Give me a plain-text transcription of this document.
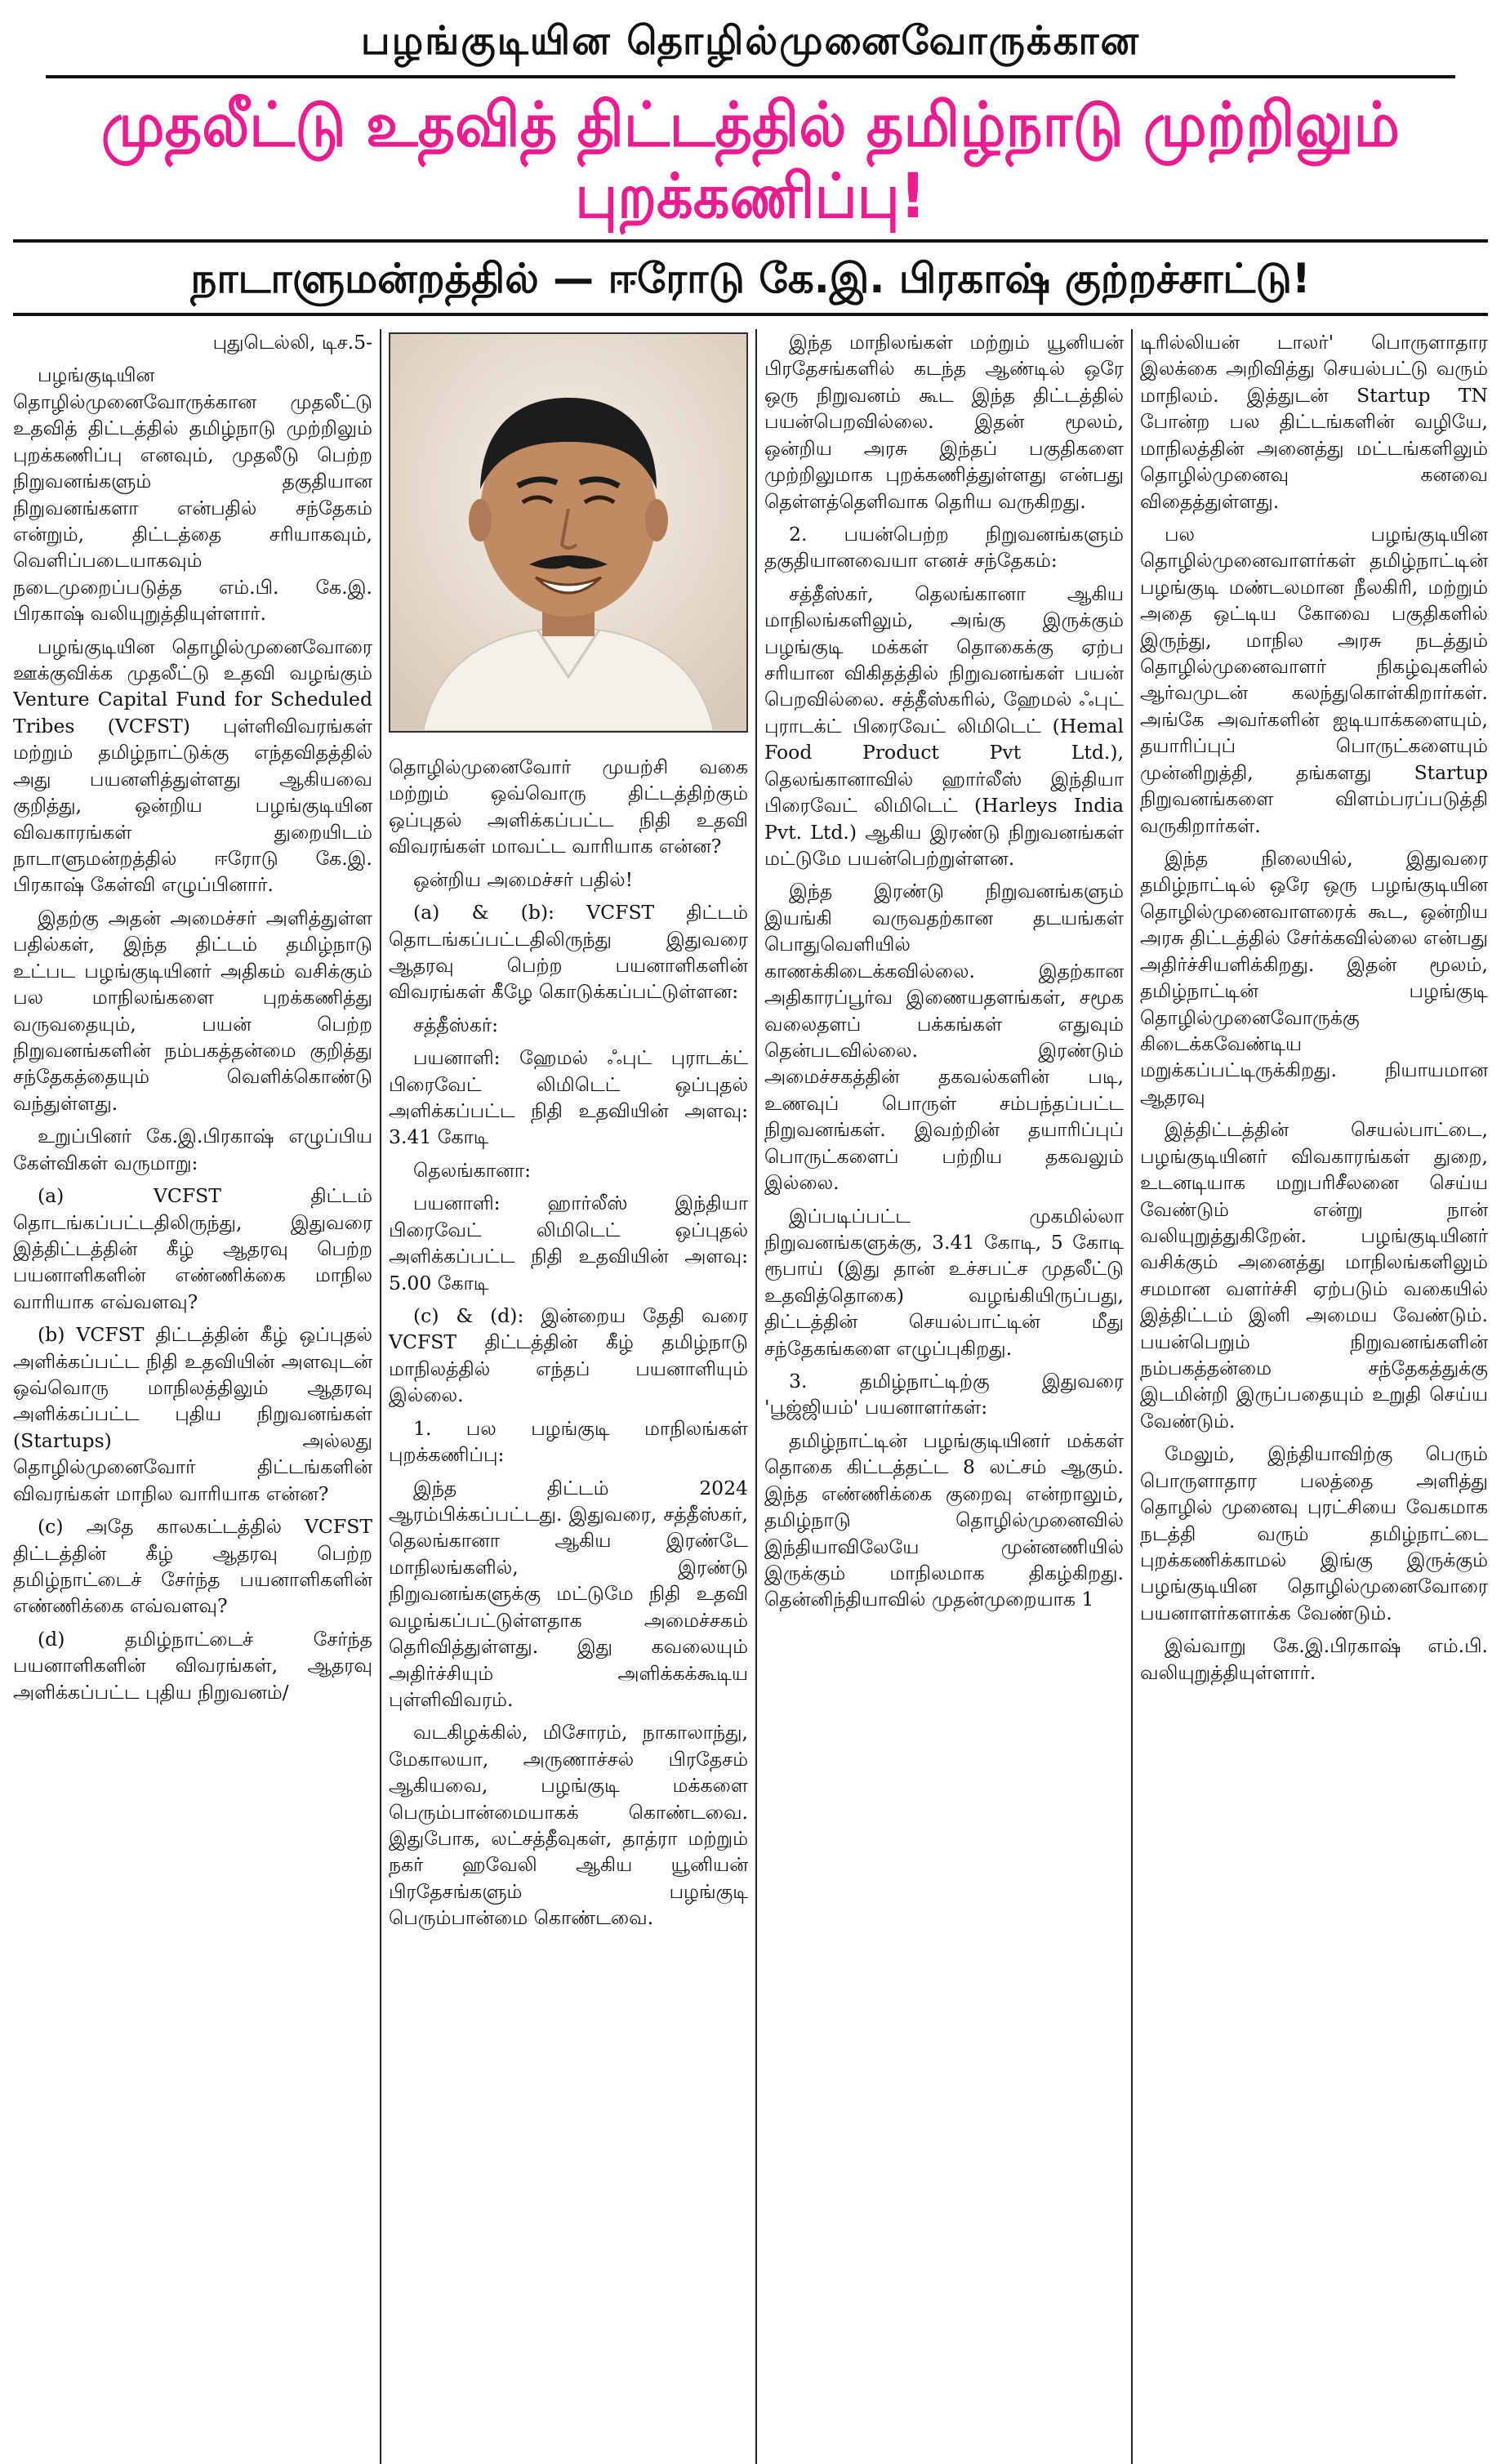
பழங்குடியின தொழில்முனைவோருக்கான
முதலீட்டு உதவித் திட்டத்தில் தமிழ்நாடு முற்றிலும் புறக்கணிப்பு!
நாடாளுமன்றத்தில் — ஈரோடு கே.இ. பிரகாஷ் குற்றச்சாட்டு!

புதுடெல்லி, டிச.5-

பழங்குடியின தொழில்முனைவோருக்கான முதலீட்டு உதவித் திட்டத்தில் தமிழ்நாடு முற்றிலும் புறக்கணிப்பு எனவும், முதலீடு பெற்ற நிறுவனங்களும் தகுதியான நிறுவனங்களா என்பதில் சந்தேகம் என்றும், திட்டத்தை சரியாகவும், வெளிப்படையாகவும் நடைமுறைப்படுத்த எம்.பி. கே.இ. பிரகாஷ் வலியுறுத்தியுள்ளார்.

பழங்குடியின தொழில்முனைவோரை ஊக்குவிக்க முதலீட்டு உதவி வழங்கும் Venture Capital Fund for Scheduled Tribes (VCFST) புள்ளிவிவரங்கள் மற்றும் தமிழ்நாட்டுக்கு எந்தவிதத்தில் அது பயனளித்துள்ளது ஆகியவை குறித்து, ஒன்றிய பழங்குடியின விவகாரங்கள் துறையிடம் நாடாளுமன்றத்தில் ஈரோடு கே.இ. பிரகாஷ் கேள்வி எழுப்பினார்.

இதற்கு அதன் அமைச்சர் அளித்துள்ள பதில்கள், இந்த திட்டம் தமிழ்நாடு உட்பட பழங்குடியினர் அதிகம் வசிக்கும் பல மாநிலங்களை புறக்கணித்து வருவதையும், பயன் பெற்ற நிறுவனங்களின் நம்பகத்தன்மை குறித்து சந்தேகத்தையும் வெளிக்கொண்டு வந்துள்ளது.

உறுப்பினர் கே.இ.பிரகாஷ் எழுப்பிய கேள்விகள் வருமாறு:

(a) VCFST திட்டம் தொடங்கப்பட்டதிலிருந்து, இதுவரை இத்திட்டத்தின் கீழ் ஆதரவு பெற்ற பயனாளிகளின் எண்ணிக்கை மாநில வாரியாக எவ்வளவு?

(b) VCFST திட்டத்தின் கீழ் ஒப்புதல் அளிக்கப்பட்ட நிதி உதவியின் அளவுடன் ஒவ்வொரு மாநிலத்திலும் ஆதரவு அளிக்கப்பட்ட புதிய நிறுவனங்கள் (Startups) அல்லது தொழில்முனைவோர் திட்டங்களின் விவரங்கள் மாநில வாரியாக என்ன?

(c) அதே காலகட்டத்தில் VCFST திட்டத்தின் கீழ் ஆதரவு பெற்ற தமிழ்நாட்டைச் சேர்ந்த பயனாளிகளின் எண்ணிக்கை எவ்வளவு?

(d) தமிழ்நாட்டைச் சேர்ந்த பயனாளிகளின் விவரங்கள், ஆதரவு அளிக்கப்பட்ட புதிய நிறுவனம்/

தொழில்முனைவோர் முயற்சி வகை மற்றும் ஒவ்வொரு திட்டத்திற்கும் ஒப்புதல் அளிக்கப்பட்ட நிதி உதவி விவரங்கள் மாவட்ட வாரியாக என்ன?

ஒன்றிய அமைச்சர் பதில்!

(a) & (b): VCFST திட்டம் தொடங்கப்பட்டதிலிருந்து இதுவரை ஆதரவு பெற்ற பயனாளிகளின் விவரங்கள் கீழே கொடுக்கப்பட்டுள்ளன:

சத்தீஸ்கர்:

பயனாளி: ஹேமல் ஃபுட் புராடக்ட் பிரைவேட் லிமிடெட் ஒப்புதல் அளிக்கப்பட்ட நிதி உதவியின் அளவு: 3.41 கோடி

தெலங்கானா:

பயனாளி: ஹார்லீஸ் இந்தியா பிரைவேட் லிமிடெட் ஒப்புதல் அளிக்கப்பட்ட நிதி உதவியின் அளவு: 5.00 கோடி

(c) & (d): இன்றைய தேதி வரை VCFST திட்டத்தின் கீழ் தமிழ்நாடு மாநிலத்தில் எந்தப் பயனாளியும் இல்லை.

1. பல பழங்குடி மாநிலங்கள் புறக்கணிப்பு:

இந்த திட்டம் 2024 ஆரம்பிக்கப்பட்டது. இதுவரை, சத்தீஸ்கர், தெலங்கானா ஆகிய இரண்டே மாநிலங்களில், இரண்டு நிறுவனங்களுக்கு மட்டுமே நிதி உதவி வழங்கப்பட்டுள்ளதாக அமைச்சகம் தெரிவித்துள்ளது. இது கவலையும் அதிர்ச்சியும் அளிக்கக்கூடிய புள்ளிவிவரம்.

வடகிழக்கில், மிசோரம், நாகாலாந்து, மேகாலயா, அருணாச்சல் பிரதேசம் ஆகியவை, பழங்குடி மக்களை பெரும்பான்மையாகக் கொண்டவை. இதுபோக, லட்சத்தீவுகள், தாத்ரா மற்றும் நகர் ஹவேலி ஆகிய யூனியன் பிரதேசங்களும் பழங்குடி பெரும்பான்மை கொண்டவை.

இந்த மாநிலங்கள் மற்றும் யூனியன் பிரதேசங்களில் கடந்த ஆண்டில் ஒரே ஒரு நிறுவனம் கூட இந்த திட்டத்தில் பயன்பெறவில்லை. இதன் மூலம், ஒன்றிய அரசு இந்தப் பகுதிகளை முற்றிலுமாக புறக்கணித்துள்ளது என்பது தெள்ளத்தெளிவாக தெரிய வருகிறது.

2. பயன்பெற்ற நிறுவனங்களும் தகுதியானவையா எனச் சந்தேகம்:

சத்தீஸ்கர், தெலங்கானா ஆகிய மாநிலங்களிலும், அங்கு இருக்கும் பழங்குடி மக்கள் தொகைக்கு ஏற்ப சரியான விகிதத்தில் நிறுவனங்கள் பயன் பெறவில்லை. சத்தீஸ்கரில், ஹேமல் ஃபுட் புராடக்ட் பிரைவேட் லிமிடெட் (Hemal Food Product Pvt Ltd.), தெலங்கானாவில் ஹார்லீஸ் இந்தியா பிரைவேட் லிமிடெட் (Harleys India Pvt. Ltd.) ஆகிய இரண்டு நிறுவனங்கள் மட்டுமே பயன்பெற்றுள்ளன.

இந்த இரண்டு நிறுவனங்களும் இயங்கி வருவதற்கான தடயங்கள் பொதுவெளியில் காணக்கிடைக்கவில்லை. இதற்கான அதிகாரப்பூர்வ இணையதளங்கள், சமூக வலைதளப் பக்கங்கள் எதுவும் தென்படவில்லை. இரண்டும் அமைச்சகத்தின் தகவல்களின் படி, உணவுப் பொருள் சம்பந்தப்பட்ட நிறுவனங்கள். இவற்றின் தயாரிப்புப் பொருட்களைப் பற்றிய தகவலும் இல்லை.

இப்படிப்பட்ட முகமில்லா நிறுவனங்களுக்கு, 3.41 கோடி, 5 கோடி ரூபாய் (இது தான் உச்சபட்ச முதலீட்டு உதவித்தொகை) வழங்கியிருப்பது, திட்டத்தின் செயல்பாட்டின் மீது சந்தேகங்களை எழுப்புகிறது.

3. தமிழ்நாட்டிற்கு இதுவரை 'பூஜ்ஜியம்' பயனாளர்கள்:

தமிழ்நாட்டின் பழங்குடியினர் மக்கள் தொகை கிட்டத்தட்ட 8 லட்சம் ஆகும். இந்த எண்ணிக்கை குறைவு என்றாலும், தமிழ்நாடு தொழில்முனைவில் இந்தியாவிலேயே முன்னணியில் இருக்கும் மாநிலமாக திகழ்கிறது. தென்னிந்தியாவில் முதன்முறையாக 1

டிரில்லியன் டாலர்' பொருளாதார இலக்கை அறிவித்து செயல்பட்டு வரும் மாநிலம். இத்துடன் Startup TN போன்ற பல திட்டங்களின் வழியே, மாநிலத்தின் அனைத்து மட்டங்களிலும் தொழில்முனைவு கனவை விதைத்துள்ளது.

பல பழங்குடியின தொழில்முனைவாளர்கள் தமிழ்நாட்டின் பழங்குடி மண்டலமான நீலகிரி, மற்றும் அதை ஒட்டிய கோவை பகுதிகளில் இருந்து, மாநில அரசு நடத்தும் தொழில்முனைவாளர் நிகழ்வுகளில் ஆர்வமுடன் கலந்துகொள்கிறார்கள். அங்கே அவர்களின் ஐடியாக்களையும், தயாரிப்புப் பொருட்களையும் முன்னிறுத்தி, தங்களது Startup நிறுவனங்களை விளம்பரப்படுத்தி வருகிறார்கள்.

இந்த நிலையில், இதுவரை தமிழ்நாட்டில் ஒரே ஒரு பழங்குடியின தொழில்முனைவாளரைக் கூட, ஒன்றிய அரசு திட்டத்தில் சேர்க்கவில்லை என்பது அதிர்ச்சியளிக்கிறது. இதன் மூலம், தமிழ்நாட்டின் பழங்குடி தொழில்முனைவோருக்கு கிடைக்கவேண்டிய மறுக்கப்பட்டிருக்கிறது. நியாயமான ஆதரவு

இத்திட்டத்தின் செயல்பாட்டை, பழங்குடியினர் விவகாரங்கள் துறை, உடனடியாக மறுபரிசீலனை செய்ய வேண்டும் என்று நான் வலியுறுத்துகிறேன். பழங்குடியினர் வசிக்கும் அனைத்து மாநிலங்களிலும் சமமான வளர்ச்சி ஏற்படும் வகையில் இத்திட்டம் இனி அமைய வேண்டும். பயன்பெறும் நிறுவனங்களின் நம்பகத்தன்மை சந்தேகத்துக்கு இடமின்றி இருப்பதையும் உறுதி செய்ய வேண்டும்.

மேலும், இந்தியாவிற்கு பெரும் பொருளாதார பலத்தை அளித்து தொழில் முனைவு புரட்சியை வேகமாக நடத்தி வரும் தமிழ்நாட்டை புறக்கணிக்காமல் இங்கு இருக்கும் பழங்குடியின தொழில்முனைவோரை பயனாளர்களாக்க வேண்டும்.

இவ்வாறு கே.இ.பிரகாஷ் எம்.பி. வலியுறுத்தியுள்ளார்.
